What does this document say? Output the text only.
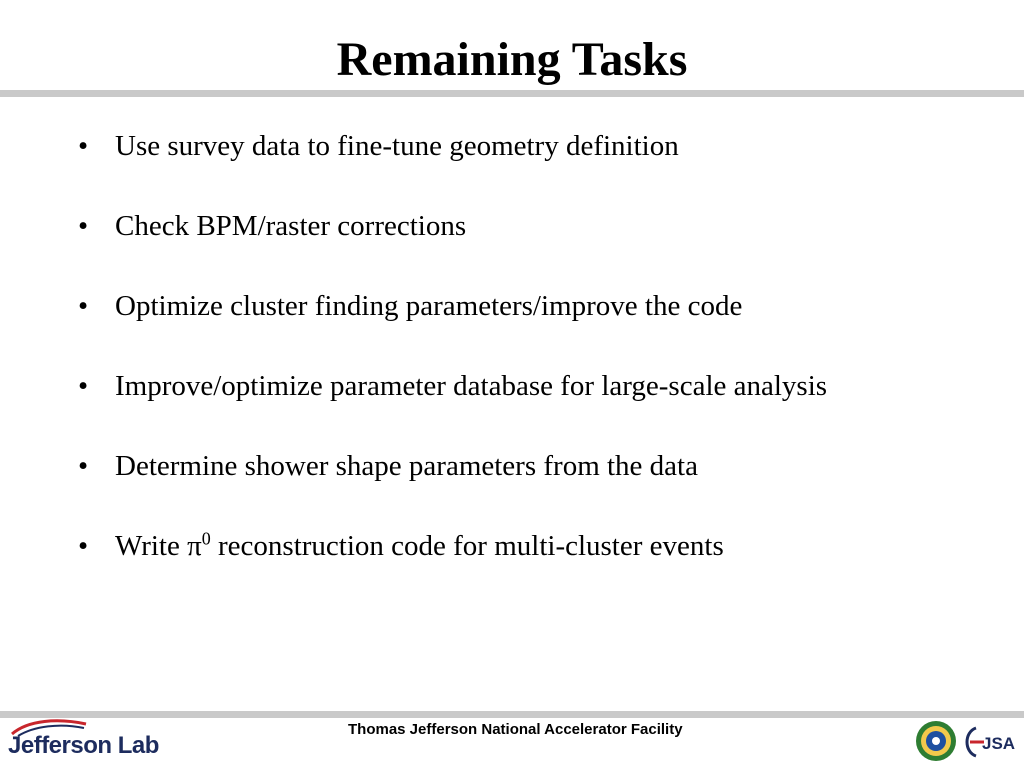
Remaining Tasks
• Use survey data to fine-tune geometry definition
• Check BPM/raster corrections
• Optimize cluster finding parameters/improve the code
• Improve/optimize parameter database for large-scale analysis
• Determine shower shape parameters from the data
• Write $\pi^0$ reconstruction code for multi-cluster events
Jefferson Lab
Thomas Jefferson National Accelerator Facility
JSA
